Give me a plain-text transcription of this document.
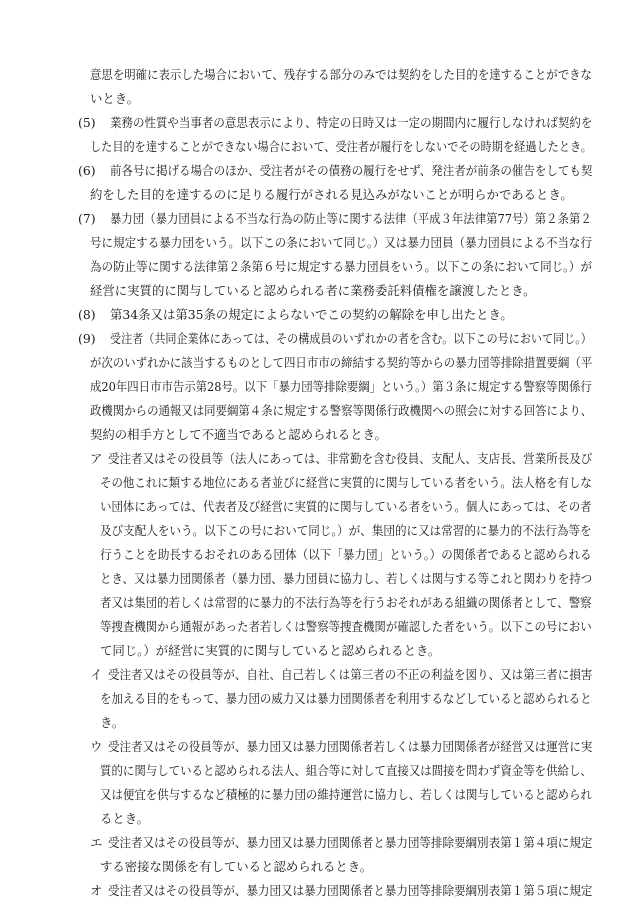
意思を明確に表示した場合において、残存する部分のみでは契約をした目的を達することができな
いとき。
(5) 業務の性質や当事者の意思表示により、特定の日時又は一定の期間内に履行しなければ契約を
した目的を達することができない場合において、受注者が履行をしないでその時期を経過したとき。
(6) 前各号に掲げる場合のほか、受注者がその債務の履行をせず、発注者が前条の催告をしても契
約をした目的を達するのに足りる履行がされる見込みがないことが明らかであるとき。
(7) 暴力団（暴力団員による不当な行為の防止等に関する法律（平成３年法律第77号）第２条第２
号に規定する暴力団をいう。以下この条において同じ。）又は暴力団員（暴力団員による不当な行
為の防止等に関する法律第２条第６号に規定する暴力団員をいう。以下この条において同じ。）が
経営に実質的に関与していると認められる者に業務委託料債権を譲渡したとき。
(8) 第34条又は第35条の規定によらないでこの契約の解除を申し出たとき。
(9) 受注者（共同企業体にあっては、その構成員のいずれかの者を含む。以下この号において同じ。）
が次のいずれかに該当するものとして四日市市の締結する契約等からの暴力団等排除措置要綱（平
成20年四日市市告示第28号。以下「暴力団等排除要綱」という。）第３条に規定する警察等関係行
政機関からの通報又は同要綱第４条に規定する警察等関係行政機関への照会に対する回答により、
契約の相手方として不適当であると認められるとき。
ア 受注者又はその役員等（法人にあっては、非常勤を含む役員、支配人、支店長、営業所長及び
その他これに類する地位にある者並びに経営に実質的に関与している者をいう。法人格を有しな
い団体にあっては、代表者及び経営に実質的に関与している者をいう。個人にあっては、その者
及び支配人をいう。以下この号において同じ。）が、集団的に又は常習的に暴力的不法行為等を
行うことを助長するおそれのある団体（以下「暴力団」という。）の関係者であると認められる
とき、又は暴力団関係者（暴力団、暴力団員に協力し、若しくは関与する等これと関わりを持つ
者又は集団的若しくは常習的に暴力的不法行為等を行うおそれがある組織の関係者として、警察
等捜査機関から通報があった者若しくは警察等捜査機関が確認した者をいう。以下この号におい
て同じ。）が経営に実質的に関与していると認められるとき。
イ 受注者又はその役員等が、自社、自己若しくは第三者の不正の利益を図り、又は第三者に損害
を加える目的をもって、暴力団の威力又は暴力団関係者を利用するなどしていると認められると
き。
ウ 受注者又はその役員等が、暴力団又は暴力団関係者若しくは暴力団関係者が経営又は運営に実
質的に関与していると認められる法人、組合等に対して直接又は間接を問わず資金等を供給し、
又は便宜を供与するなど積極的に暴力団の維持運営に協力し、若しくは関与していると認められ
るとき。
エ 受注者又はその役員等が、暴力団又は暴力団関係者と暴力団等排除要綱別表第１第４項に規定
する密接な関係を有していると認められるとき。
オ 受注者又はその役員等が、暴力団又は暴力団関係者と暴力団等排除要綱別表第１第５項に規定
